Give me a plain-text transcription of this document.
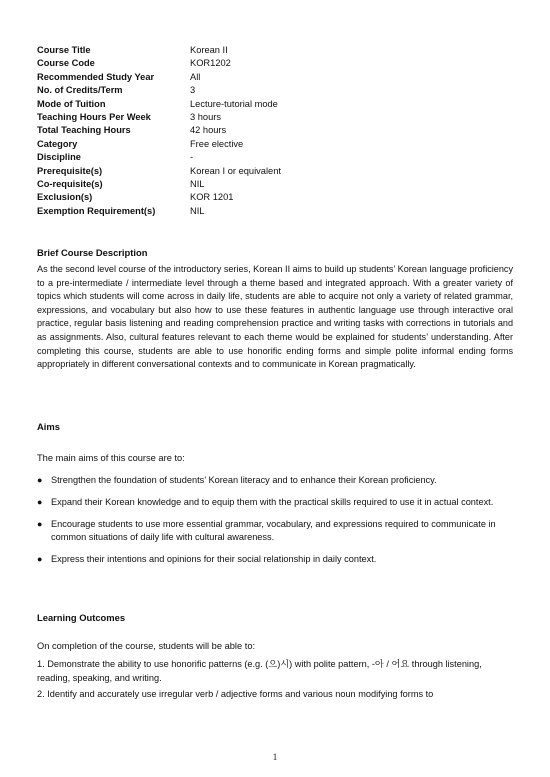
Course Title	Korean II
Course Code	KOR1202
Recommended Study Year	All
No. of Credits/Term	3
Mode of Tuition	Lecture-tutorial mode
Teaching Hours Per Week	3 hours
Total Teaching Hours	42 hours
Category	Free elective
Discipline	-
Prerequisite(s)	Korean I or equivalent
Co-requisite(s)	NIL
Exclusion(s)	KOR 1201
Exemption Requirement(s)	NIL

Brief Course Description

As the second level course of the introductory series, Korean II aims to build up students’ Korean language proficiency to a pre-intermediate / intermediate level through a theme based and integrated approach. With a greater variety of topics which students will come across in daily life, students are able to acquire not only a variety of related grammar, expressions, and vocabulary but also how to use these features in authentic language use through interactive oral practice, regular basis listening and reading comprehension practice and writing tasks with corrections in tutorials and as assignments. Also, cultural features relevant to each theme would be explained for students’ understanding. After completing this course, students are able to use honorific ending forms and simple polite informal ending forms appropriately in different conversational contexts and to communicate in Korean pragmatically.

Aims

The main aims of this course are to:

● Strengthen the foundation of students’ Korean literacy and to enhance their Korean proficiency.
● Expand their Korean knowledge and to equip them with the practical skills required to use it in actual context.
● Encourage students to use more essential grammar, vocabulary, and expressions required to communicate in common situations of daily life with cultural awareness.
● Express their intentions and opinions for their social relationship in daily context.

Learning Outcomes

On completion of the course, students will be able to:

1. Demonstrate the ability to use honorific patterns (e.g. (으)시) with polite pattern, -아 / 어요 through listening, reading, speaking, and writing.

2. Identify and accurately use irregular verb / adjective forms and various noun modifying forms to

1
